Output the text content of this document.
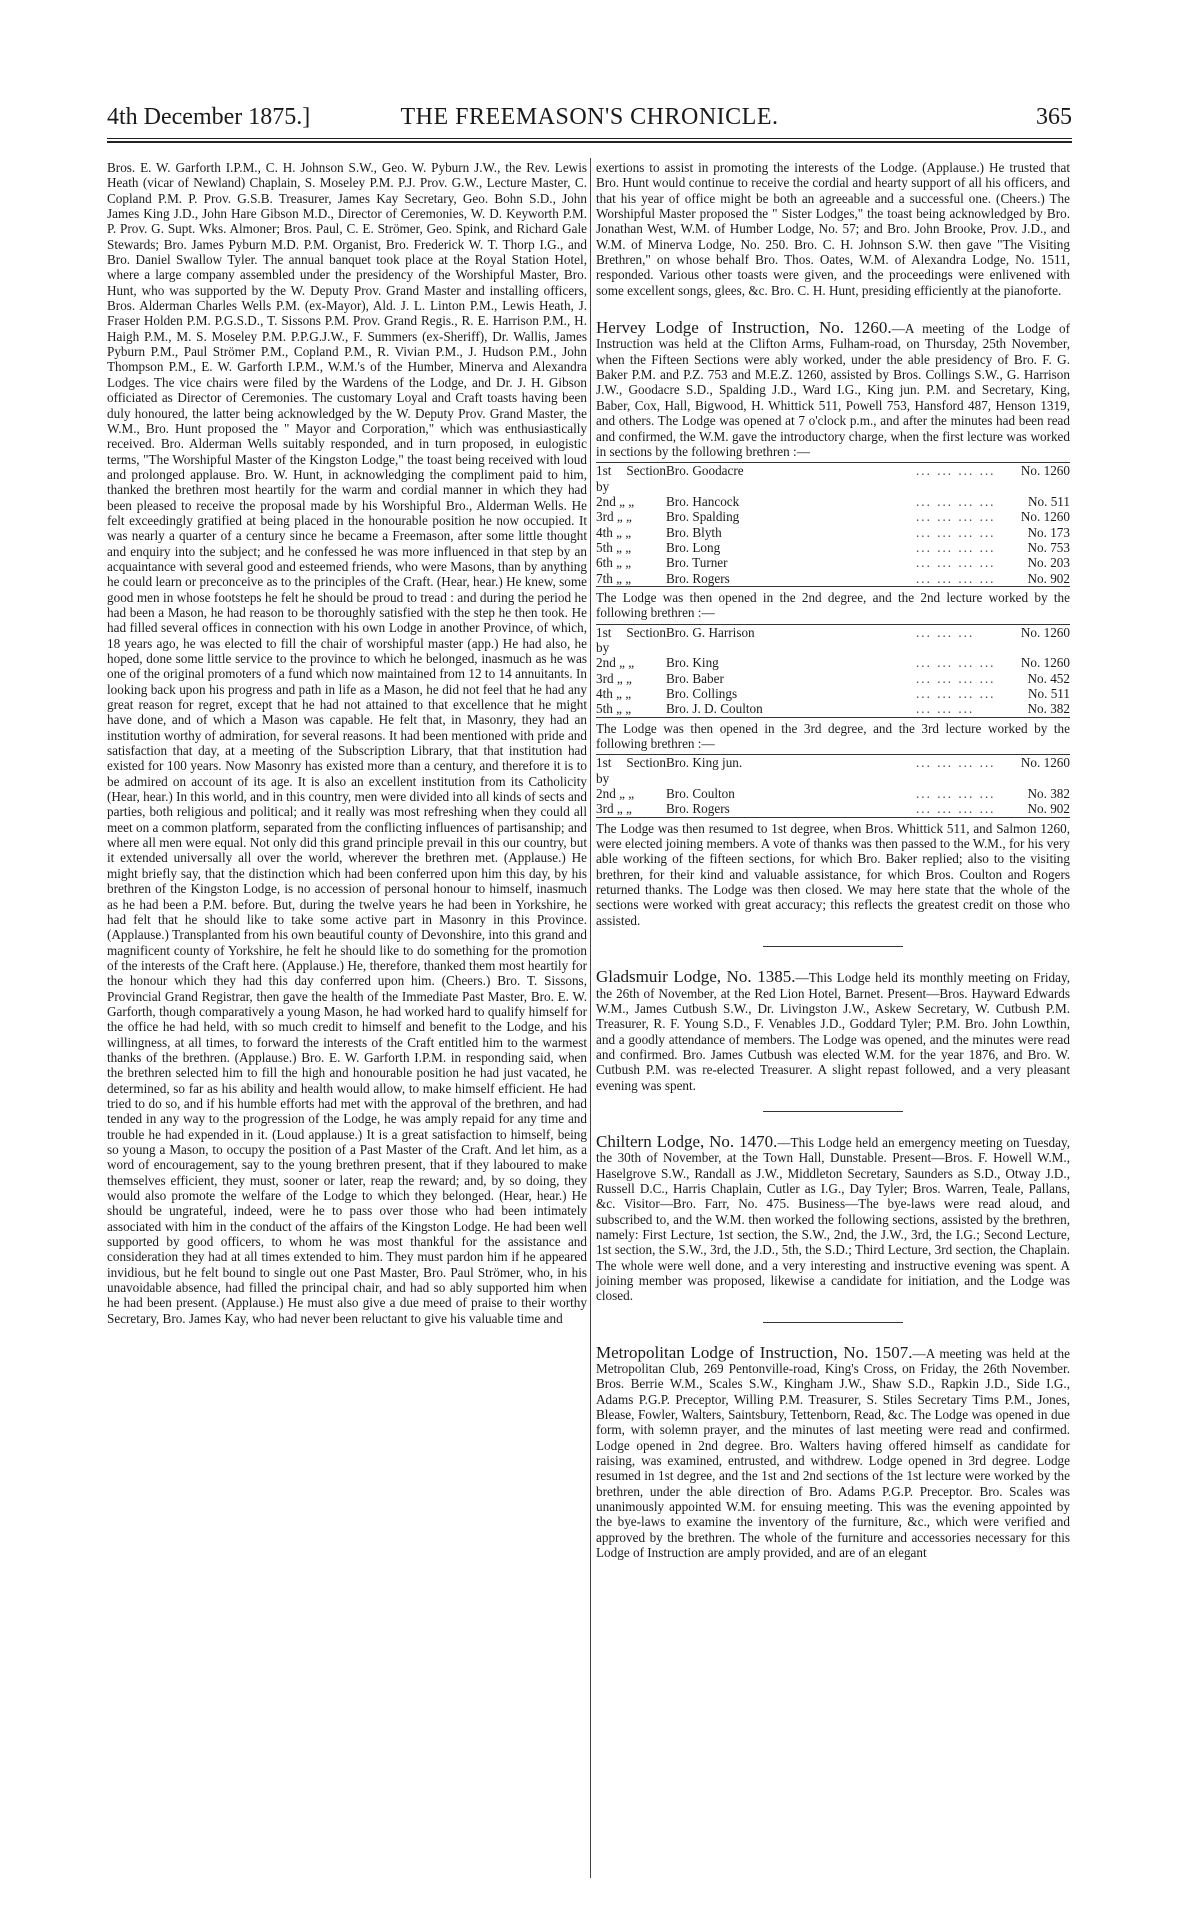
4th December 1875.]	THE FREEMASON'S CHRONICLE.	365

Bros. E. W. Garforth I.P.M., C. H. Johnson S.W., Geo. W. Pyburn J.W., the Rev. Lewis Heath (vicar of Newland) Chaplain, S. Moseley P.M. P.J. Prov. G.W., Lecture Master, C. Copland P.M. P. Prov. G.S.B. Treasurer, James Kay Secretary, Geo. Bohn S.D., John James King J.D., John Hare Gibson M.D., Director of Ceremonies, W. D. Keyworth P.M. P. Prov. G. Supt. Wks. Almoner; Bros. Paul, C. E. Strömer, Geo. Spink, and Richard Gale Stewards; Bro. James Pyburn M.D. P.M. Organist, Bro. Frederick W. T. Thorp I.G., and Bro. Daniel Swallow Tyler. The annual banquet took place at the Royal Station Hotel, where a large company assembled under the presidency of the Worshipful Master, Bro. Hunt, who was supported by the W. Deputy Prov. Grand Master and installing officers, Bros. Alderman Charles Wells P.M. (ex-Mayor), Ald. J. L. Linton P.M., Lewis Heath, J. Fraser Holden P.M. P.G.S.D., T. Sissons P.M. Prov. Grand Regis., R. E. Harrison P.M., H. Haigh P.M., M. S. Moseley P.M. P.P.G.J.W., F. Summers (ex-Sheriff), Dr. Wallis, James Pyburn P.M., Paul Strömer P.M., Copland P.M., R. Vivian P.M., J. Hudson P.M., John Thompson P.M., E. W. Garforth I.P.M., W.M.'s of the Humber, Minerva and Alexandra Lodges. The vice chairs were filed by the Wardens of the Lodge, and Dr. J. H. Gibson officiated as Director of Ceremonies. The customary Loyal and Craft toasts having been duly honoured, the latter being acknowledged by the W. Deputy Prov. Grand Master, the W.M., Bro. Hunt proposed the " Mayor and Corporation," which was enthusiastically received. Bro. Alderman Wells suitably responded, and in turn proposed, in eulogistic terms, "The Worshipful Master of the Kingston Lodge," the toast being received with loud and prolonged applause. Bro. W. Hunt, in acknowledging the compliment paid to him, thanked the brethren most heartily for the warm and cordial manner in which they had been pleased to receive the proposal made by his Worshipful Bro., Alderman Wells. He felt exceedingly gratified at being placed in the honourable position he now occupied. It was nearly a quarter of a century since he became a Freemason, after some little thought and enquiry into the subject; and he confessed he was more influenced in that step by an acquaintance with several good and esteemed friends, who were Masons, than by anything he could learn or preconceive as to the principles of the Craft. (Hear, hear.) He knew, some good men in whose footsteps he felt he should be proud to tread : and during the period he had been a Mason, he had reason to be thoroughly satisfied with the step he then took. He had filled several offices in connection with his own Lodge in another Province, of which, 18 years ago, he was elected to fill the chair of worshipful master (app.) He had also, he hoped, done some little service to the province to which he belonged, inasmuch as he was one of the original promoters of a fund which now maintained from 12 to 14 annuitants. In looking back upon his progress and path in life as a Mason, he did not feel that he had any great reason for regret, except that he had not attained to that excellence that he might have done, and of which a Mason was capable. He felt that, in Masonry, they had an institution worthy of admiration, for several reasons. It had been mentioned with pride and satisfaction that day, at a meeting of the Subscription Library, that that institution had existed for 100 years. Now Masonry has existed more than a century, and therefore it is to be admired on account of its age. It is also an excellent institution from its Catholicity (Hear, hear.) In this world, and in this country, men were divided into all kinds of sects and parties, both religious and political; and it really was most refreshing when they could all meet on a common platform, separated from the conflicting influences of partisanship; and where all men were equal. Not only did this grand principle prevail in this our country, but it extended universally all over the world, wherever the brethren met. (Applause.) He might briefly say, that the distinction which had been conferred upon him this day, by his brethren of the Kingston Lodge, is no accession of personal honour to himself, inasmuch as he had been a P.M. before. But, during the twelve years he had been in Yorkshire, he had felt that he should like to take some active part in Masonry in this Province. (Applause.) Transplanted from his own beautiful county of Devonshire, into this grand and magnificent county of Yorkshire, he felt he should like to do something for the promotion of the interests of the Craft here. (Applause.) He, therefore, thanked them most heartily for the honour which they had this day conferred upon him. (Cheers.) Bro. T. Sissons, Provincial Grand Registrar, then gave the health of the Immediate Past Master, Bro. E. W. Garforth, though comparatively a young Mason, he had worked hard to qualify himself for the office he had held, with so much credit to himself and benefit to the Lodge, and his willingness, at all times, to forward the interests of the Craft entitled him to the warmest thanks of the brethren. (Applause.) Bro. E. W. Garforth I.P.M. in responding said, when the brethren selected him to fill the high and honourable position he had just vacated, he determined, so far as his ability and health would allow, to make himself efficient. He had tried to do so, and if his humble efforts had met with the approval of the brethren, and had tended in any way to the progression of the Lodge, he was amply repaid for any time and trouble he had expended in it. (Loud applause.) It is a great satisfaction to himself, being so young a Mason, to occupy the position of a Past Master of the Craft. And let him, as a word of encouragement, say to the young brethren present, that if they laboured to make themselves efficient, they must, sooner or later, reap the reward; and, by so doing, they would also promote the welfare of the Lodge to which they belonged. (Hear, hear.) He should be ungrateful, indeed, were he to pass over those who had been intimately associated with him in the conduct of the affairs of the Kingston Lodge. He had been well supported by good officers, to whom he was most thankful for the assistance and consideration they had at all times extended to him. They must pardon him if he appeared invidious, but he felt bound to single out one Past Master, Bro. Paul Strömer, who, in his unavoidable absence, had filled the principal chair, and had so ably supported him when he had been present. (Applause.) He must also give a due meed of praise to their worthy Secretary, Bro. James Kay, who had never been reluctant to give his valuable time and

exertions to assist in promoting the interests of the Lodge. (Applause.) He trusted that Bro. Hunt would continue to receive the cordial and hearty support of all his officers, and that his year of office might be both an agreeable and a successful one. (Cheers.) The Worshipful Master proposed the " Sister Lodges," the toast being acknowledged by Bro. Jonathan West, W.M. of Humber Lodge, No. 57; and Bro. John Brooke, Prov. J.D., and W.M. of Minerva Lodge, No. 250. Bro. C. H. Johnson S.W. then gave "The Visiting Brethren," on whose behalf Bro. Thos. Oates, W.M. of Alexandra Lodge, No. 1511, responded. Various other toasts were given, and the proceedings were enlivened with some excellent songs, glees, &c. Bro. C. H. Hunt, presiding efficiently at the pianoforte.

Hervey Lodge of Instruction, No. 1260.—A meeting of the Lodge of Instruction was held at the Clifton Arms, Fulham-road, on Thursday, 25th November, when the Fifteen Sections were ably worked, under the able presidency of Bro. F. G. Baker P.M. and P.Z. 753 and M.E.Z. 1260, assisted by Bros. Collings S.W., G. Harrison J.W., Goodacre S.D., Spalding J.D., Ward I.G., King jun. P.M. and Secretary, King, Baber, Cox, Hall, Bigwood, H. Whittick 511, Powell 753, Hansford 487, Henson 1319, and others. The Lodge was opened at 7 o'clock p.m., and after the minutes had been read and confirmed, the W.M. gave the introductory charge, when the first lecture was worked in sections by the following brethren :—

1st Section by	Bro. Goodacre	... ... ... ...	No. 1260
2nd „ „	Bro. Hancock	... ... ... ...	No. 511
3rd „ „	Bro. Spalding	... ... ... ...	No. 1260
4th „ „	Bro. Blyth	... ... ... ...	No. 173
5th „ „	Bro. Long	... ... ... ...	No. 753
6th „ „	Bro. Turner	... ... ... ...	No. 203
7th „ „	Bro. Rogers	... ... ... ...	No. 902

The Lodge was then opened in the 2nd degree, and the 2nd lecture worked by the following brethren :—

1st Section by	Bro. G. Harrison	... ... ...	No. 1260
2nd „ „	Bro. King	... ... ... ...	No. 1260
3rd „ „	Bro. Baber	... ... ... ...	No. 452
4th „ „	Bro. Collings	... ... ... ...	No. 511
5th „ „	Bro. J. D. Coulton	... ... ...	No. 382

The Lodge was then opened in the 3rd degree, and the 3rd lecture worked by the following brethren :—

1st Section by	Bro. King jun.	... ... ... ...	No. 1260
2nd „ „	Bro. Coulton	... ... ... ...	No. 382
3rd „ „	Bro. Rogers	... ... ... ...	No. 902

The Lodge was then resumed to 1st degree, when Bros. Whittick 511, and Salmon 1260, were elected joining members. A vote of thanks was then passed to the W.M., for his very able working of the fifteen sections, for which Bro. Baker replied; also to the visiting brethren, for their kind and valuable assistance, for which Bros. Coulton and Rogers returned thanks. The Lodge was then closed. We may here state that the whole of the sections were worked with great accuracy; this reflects the greatest credit on those who assisted.

Gladsmuir Lodge, No. 1385.—This Lodge held its monthly meeting on Friday, the 26th of November, at the Red Lion Hotel, Barnet. Present—Bros. Hayward Edwards W.M., James Cutbush S.W., Dr. Livingston J.W., Askew Secretary, W. Cutbush P.M. Treasurer, R. F. Young S.D., F. Venables J.D., Goddard Tyler; P.M. Bro. John Lowthin, and a goodly attendance of members. The Lodge was opened, and the minutes were read and confirmed. Bro. James Cutbush was elected W.M. for the year 1876, and Bro. W. Cutbush P.M. was re-elected Treasurer. A slight repast followed, and a very pleasant evening was spent.

Chiltern Lodge, No. 1470.—This Lodge held an emergency meeting on Tuesday, the 30th of November, at the Town Hall, Dunstable. Present—Bros. F. Howell W.M., Haselgrove S.W., Randall as J.W., Middleton Secretary, Saunders as S.D., Otway J.D., Russell D.C., Harris Chaplain, Cutler as I.G., Day Tyler; Bros. Warren, Teale, Pallans, &c. Visitor—Bro. Farr, No. 475. Business—The bye-laws were read aloud, and subscribed to, and the W.M. then worked the following sections, assisted by the brethren, namely: First Lecture, 1st section, the S.W., 2nd, the J.W., 3rd, the I.G.; Second Lecture, 1st section, the S.W., 3rd, the J.D., 5th, the S.D.; Third Lecture, 3rd section, the Chaplain. The whole were well done, and a very interesting and instructive evening was spent. A joining member was proposed, likewise a candidate for initiation, and the Lodge was closed.

Metropolitan Lodge of Instruction, No. 1507.—A meeting was held at the Metropolitan Club, 269 Pentonville-road, King's Cross, on Friday, the 26th November. Bros. Berrie W.M., Scales S.W., Kingham J.W., Shaw S.D., Rapkin J.D., Side I.G., Adams P.G.P. Preceptor, Willing P.M. Treasurer, S. Stiles Secretary Tims P.M., Jones, Blease, Fowler, Walters, Saintsbury, Tettenborn, Read, &c. The Lodge was opened in due form, with solemn prayer, and the minutes of last meeting were read and confirmed. Lodge opened in 2nd degree. Bro. Walters having offered himself as candidate for raising, was examined, entrusted, and withdrew. Lodge opened in 3rd degree. Lodge resumed in 1st degree, and the 1st and 2nd sections of the 1st lecture were worked by the brethren, under the able direction of Bro. Adams P.G.P. Preceptor. Bro. Scales was unanimously appointed W.M. for ensuing meeting. This was the evening appointed by the bye-laws to examine the inventory of the furniture, &c., which were verified and approved by the brethren. The whole of the furniture and accessories necessary for this Lodge of Instruction are amply provided, and are of an elegant
